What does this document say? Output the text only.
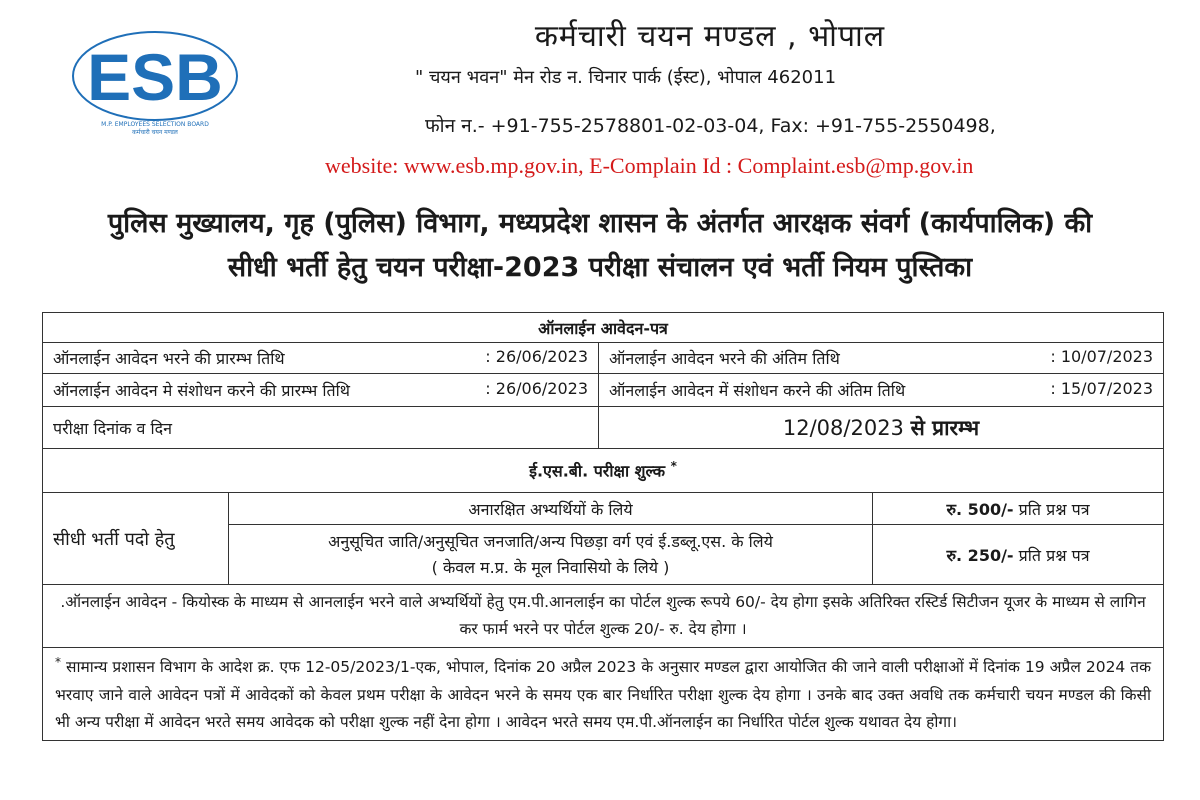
ESB
M.P. EMPLOYEES SELECTION BOARD
कर्मचारी चयन मण्डल
कर्मचारी चयन मण्डल , भोपाल
" चयन भवन" मेन रोड न. चिनार पार्क (ईस्ट), भोपाल 462011
फोन न.- +91-755-2578801-02-03-04, Fax: +91-755-2550498,
website: www.esb.mp.gov.in, E-Complain Id : Complaint.esb@mp.gov.in
पुलिस मुख्यालय, गृह (पुलिस) विभाग, मध्यप्रदेश शासन के अंतर्गत आरक्षक संवर्ग (कार्यपालिक) की
सीधी भर्ती हेतु चयन परीक्षा-2023 परीक्षा संचालन एवं भर्ती नियम पुस्तिका
ऑनलाईन आवेदन-पत्र			

ऑनलाईन आवेदन भरने की प्रारम्भ तिथि : 26/06/2023		ऑनलाईन आवेदन भरने की अंतिम तिथि : 10/07/2023	

ऑनलाईन आवेदन मे संशोधन करने की प्रारम्भ तिथि : 26/06/2023		ऑनलाईन आवेदन में संशोधन करने की अंतिम तिथि : 15/07/2023	

परीक्षा दिनांक व दिन		12/08/2023 से प्रारम्भ	
ई.एस.बी. परीक्षा शुल्क *
सीधी भर्ती पदो हेतु	अनारक्षित अभ्यर्थियों के लिये		रु. 500/- प्रति प्रश्न पत्र

	अनुसूचित जाति/अनुसूचित जनजाति/अन्य पिछड़ा वर्ग एवं ई.डब्लू.एस. के लिये
( केवल म.प्र. के मूल निवासियो के लिये )		रु. 250/- प्रति प्रश्न पत्र
.ऑनलाईन आवेदन - कियोस्क के माध्यम से आनलाईन भरने वाले अभ्यर्थियों हेतु एम.पी.आनलाईन का पोर्टल शुल्क रूपये 60/- देय होगा इसके अतिरिक्त रस्टिर्ड सिटीजन यूजर के माध्यम से लागिन कर फार्म भरने पर पोर्टल शुल्क 20/- रु. देय होगा ।			
* सामान्य प्रशासन विभाग के आदेश क्र. एफ 12-05/2023/1-एक, भोपाल, दिनांक 20 अप्रैल 2023 के अनुसार मण्डल द्वारा आयोजित की जाने वाली परीक्षाओं में दिनांक 19 अप्रैल 2024 तक भरवाए जाने वाले आवेदन पत्रों में आवेदकों को केवल प्रथम परीक्षा के आवेदन भरने के समय एक बार निर्धारित परीक्षा शुल्क देय होगा । उनके बाद उक्त अवधि तक कर्मचारी चयन मण्डल की किसी भी अन्य परीक्षा में आवेदन भरते समय आवेदक को परीक्षा शुल्क नहीं देना होगा । आवेदन भरते समय एम.पी.ऑनलाईन का निर्धारित पोर्टल शुल्क यथावत देय होगा।			
